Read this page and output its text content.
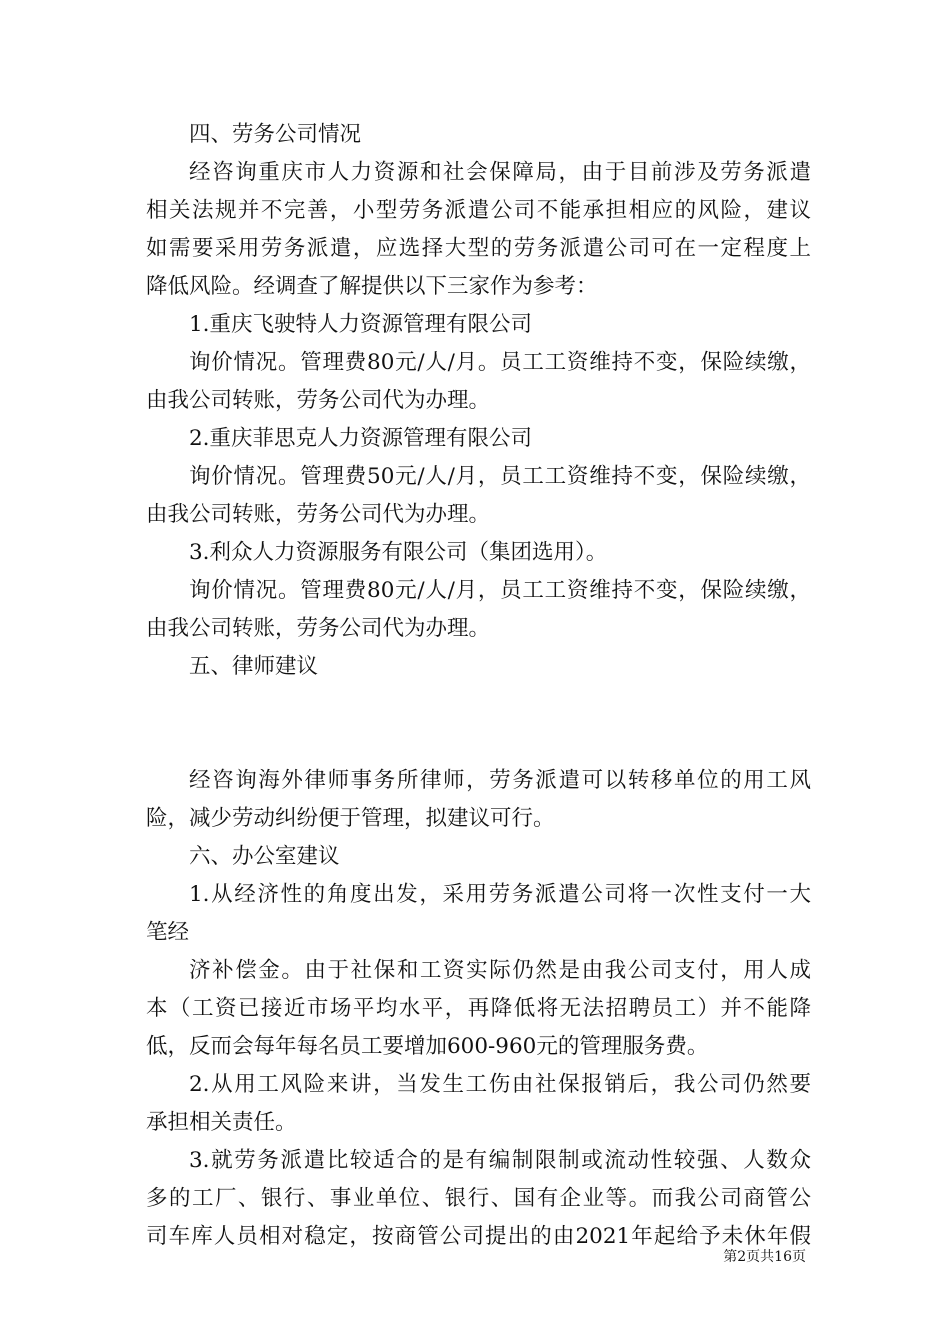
四、劳务公司情况
经咨询重庆市人力资源和社会保障局，由于目前涉及劳务派遣
相关法规并不完善，小型劳务派遣公司不能承担相应的风险，建议
如需要采用劳务派遣，应选择大型的劳务派遣公司可在一定程度上
降低风险。经调查了解提供以下三家作为参考：
1.重庆飞驶特人力资源管理有限公司
询价情况。管理费80元/人/月。员工工资维持不变，保险续缴，
由我公司转账，劳务公司代为办理。
2.重庆菲思克人力资源管理有限公司
询价情况。管理费50元/人/月，员工工资维持不变，保险续缴，
由我公司转账，劳务公司代为办理。
3.利众人力资源服务有限公司（集团选用）。
询价情况。管理费80元/人/月，员工工资维持不变，保险续缴，
由我公司转账，劳务公司代为办理。
五、律师建议
经咨询海外律师事务所律师，劳务派遣可以转移单位的用工风
险，减少劳动纠纷便于管理，拟建议可行。
六、办公室建议
1.从经济性的角度出发，采用劳务派遣公司将一次性支付一大
笔经
济补偿金。由于社保和工资实际仍然是由我公司支付，用人成
本（工资已接近市场平均水平，再降低将无法招聘员工）并不能降
低，反而会每年每名员工要增加600-960元的管理服务费。
2.从用工风险来讲，当发生工伤由社保报销后，我公司仍然要
承担相关责任。
3.就劳务派遣比较适合的是有编制限制或流动性较强、人数众
多的工厂、银行、事业单位、银行、国有企业等。而我公司商管公
司车库人员相对稳定，按商管公司提出的由2021年起给予未休年假
第2页共16页
